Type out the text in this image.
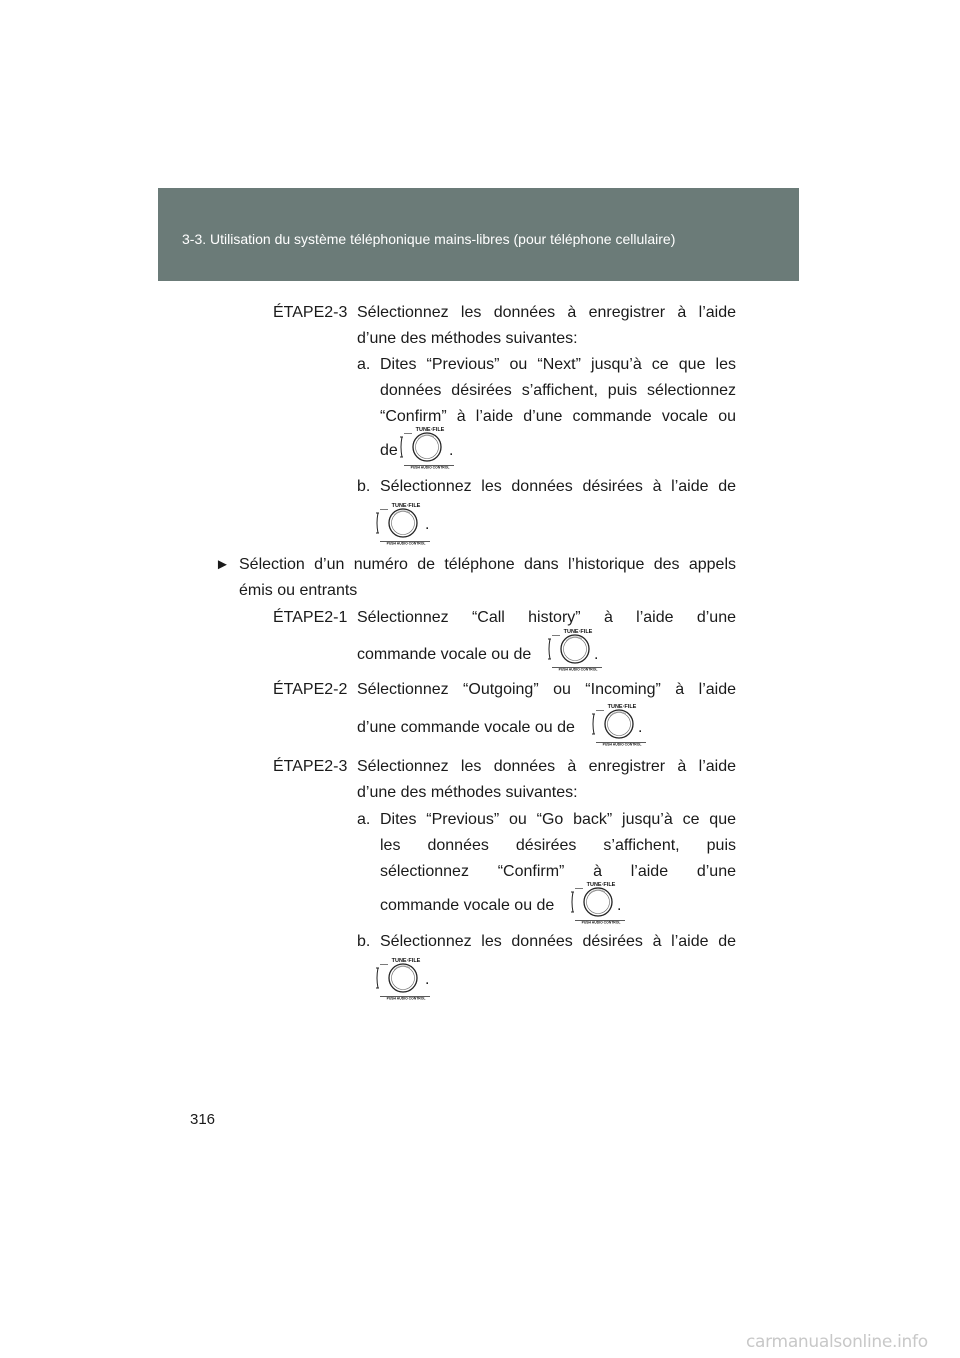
3-3. Utilisation du système téléphonique mains-libres (pour téléphone cellulaire)
ÉTAPE2-3 Sélectionnez les données à enregistrer à l’aide
d’une des méthodes suivantes:
a. Dites “Previous” ou “Next” jusqu’à ce que les
données désirées s’affichent, puis sélectionnez
“Confirm” à l’aide d’une commande vocale ou
de	.
b. Sélectionnez les données désirées à l’aide de
.
► Sélection d’un numéro de téléphone dans l’historique des appels
émis ou entrants
ÉTAPE2-1 Sélectionnez “Call history” à l’aide d’une
commande vocale ou de	.
ÉTAPE2-2 Sélectionnez “Outgoing” ou “Incoming” à l’aide
d’une commande vocale ou de	.
ÉTAPE2-3 Sélectionnez les données à enregistrer à l’aide
d’une des méthodes suivantes:
a. Dites “Previous” ou “Go back” jusqu’à ce que
les données désirées s’affichent, puis
sélectionnez “Confirm” à l’aide d’une
commande vocale ou de	.
b. Sélectionnez les données désirées à l’aide de
.
316
carmanualsonline.info
